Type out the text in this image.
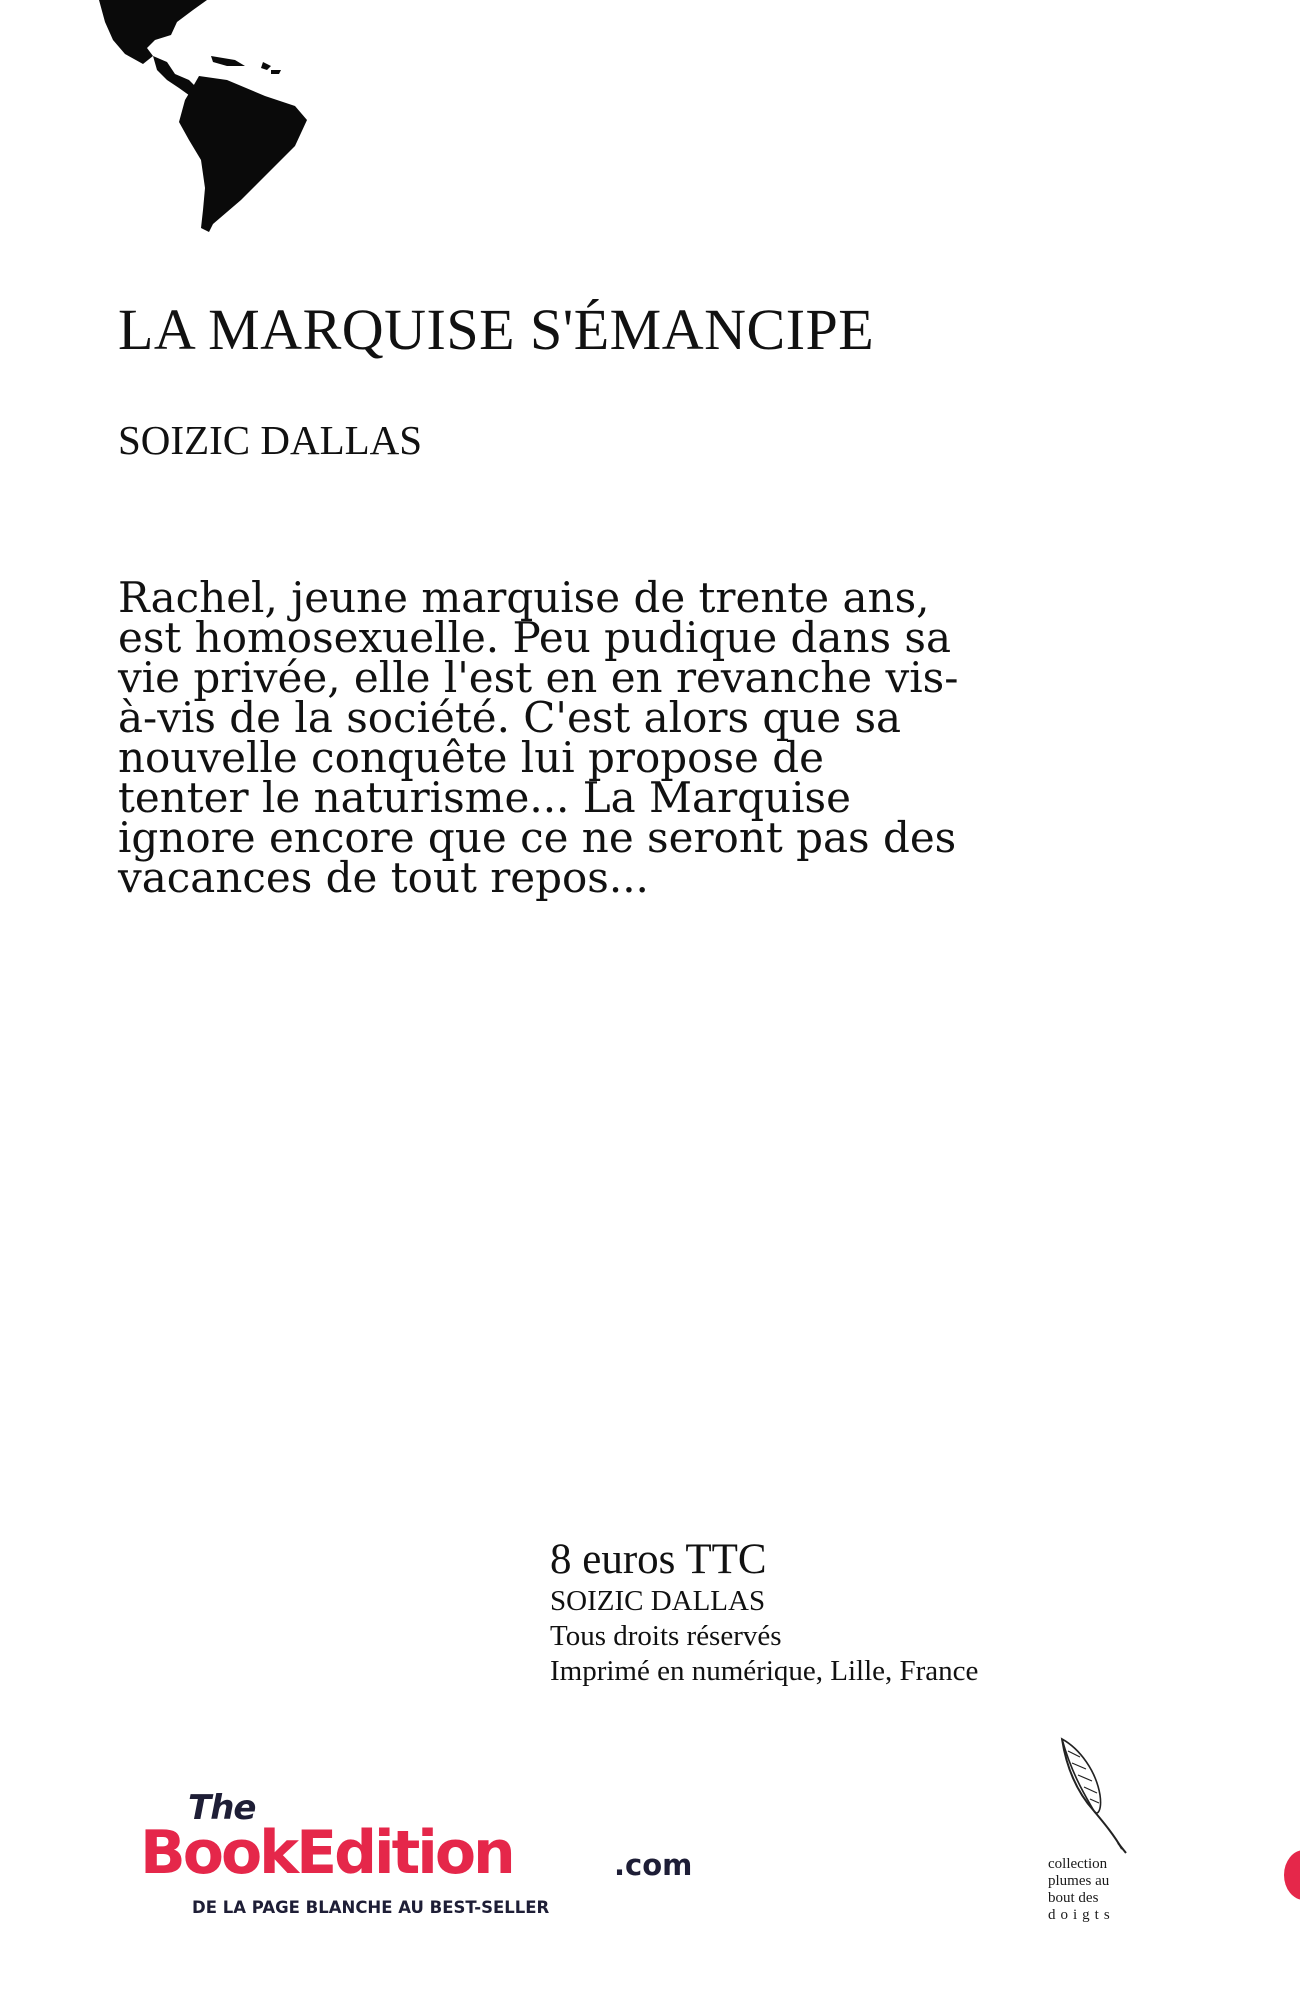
LA MARQUISE S'ÉMANCIPE
SOIZIC DALLAS
Rachel, jeune marquise de trente ans,
est homosexuelle. Peu pudique dans sa
vie privée, elle l'est en en revanche vis-
à-vis de la société. C'est alors que sa
nouvelle conquête lui propose de
tenter le naturisme... La Marquise
ignore encore que ce ne seront pas des
vacances de tout repos...
8 euros TTC
SOIZIC DALLAS
Tous droits réservés
Imprimé en numérique, Lille, France
The
BookEdition	.com
DE LA PAGE BLANCHE AU BEST-SELLER
collection
plumes au
bout des
doigts
